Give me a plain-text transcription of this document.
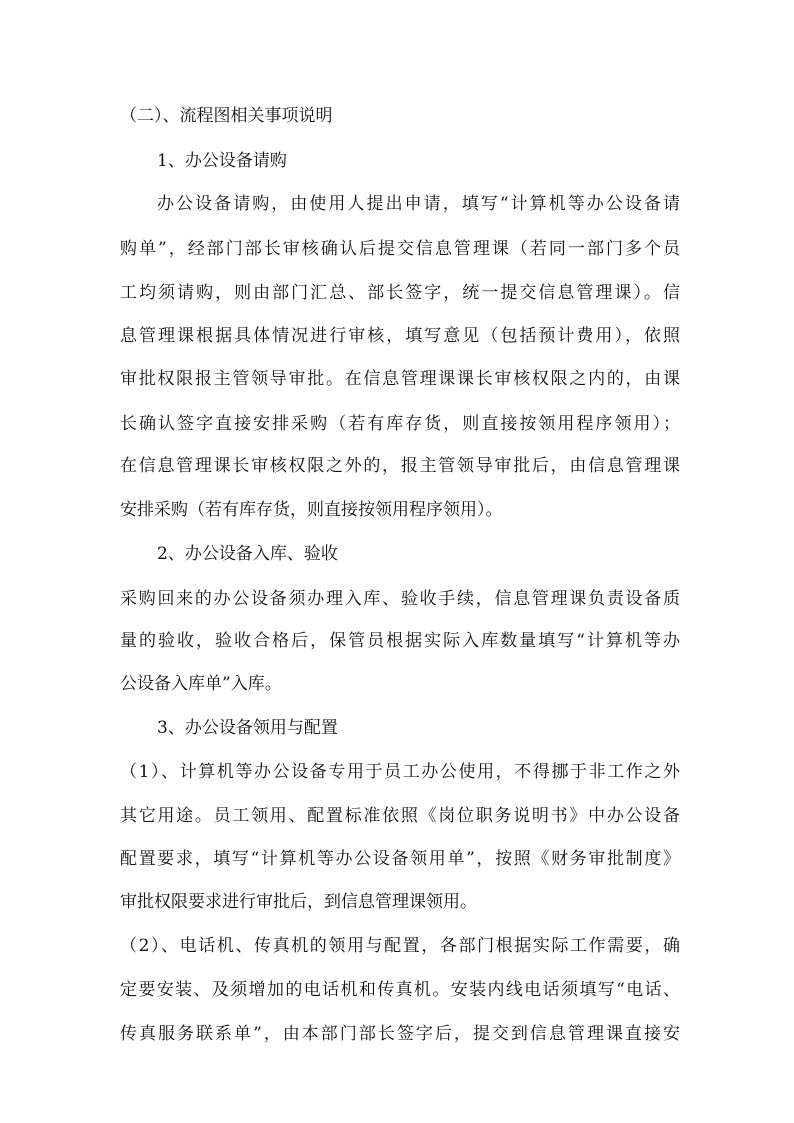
（二）、流程图相关事项说明
1、办公设备请购
办公设备请购，由使用人提出申请，填写“计算机等办公设备请
购单”，经部门部长审核确认后提交信息管理课（若同一部门多个员
工均须请购，则由部门汇总、部长签字，统一提交信息管理课）。信
息管理课根据具体情况进行审核，填写意见（包括预计费用），依照
审批权限报主管领导审批。在信息管理课课长审核权限之内的，由课
长确认签字直接安排采购（若有库存货，则直接按领用程序领用）；
在信息管理课长审核权限之外的，报主管领导审批后，由信息管理课
安排采购（若有库存货，则直接按领用程序领用）。
2、办公设备入库、验收
采购回来的办公设备须办理入库、验收手续，信息管理课负责设备质
量的验收，验收合格后，保管员根据实际入库数量填写“计算机等办
公设备入库单”入库。
3、办公设备领用与配置
（1）、计算机等办公设备专用于员工办公使用，不得挪于非工作之外
其它用途。员工领用、配置标准依照《岗位职务说明书》中办公设备
配置要求，填写“计算机等办公设备领用单”，按照《财务审批制度》
审批权限要求进行审批后，到信息管理课领用。
（2）、电话机、传真机的领用与配置，各部门根据实际工作需要，确
定要安装、及须增加的电话机和传真机。安装内线电话须填写“电话、
传真服务联系单”，由本部门部长签字后，提交到信息管理课直接安
